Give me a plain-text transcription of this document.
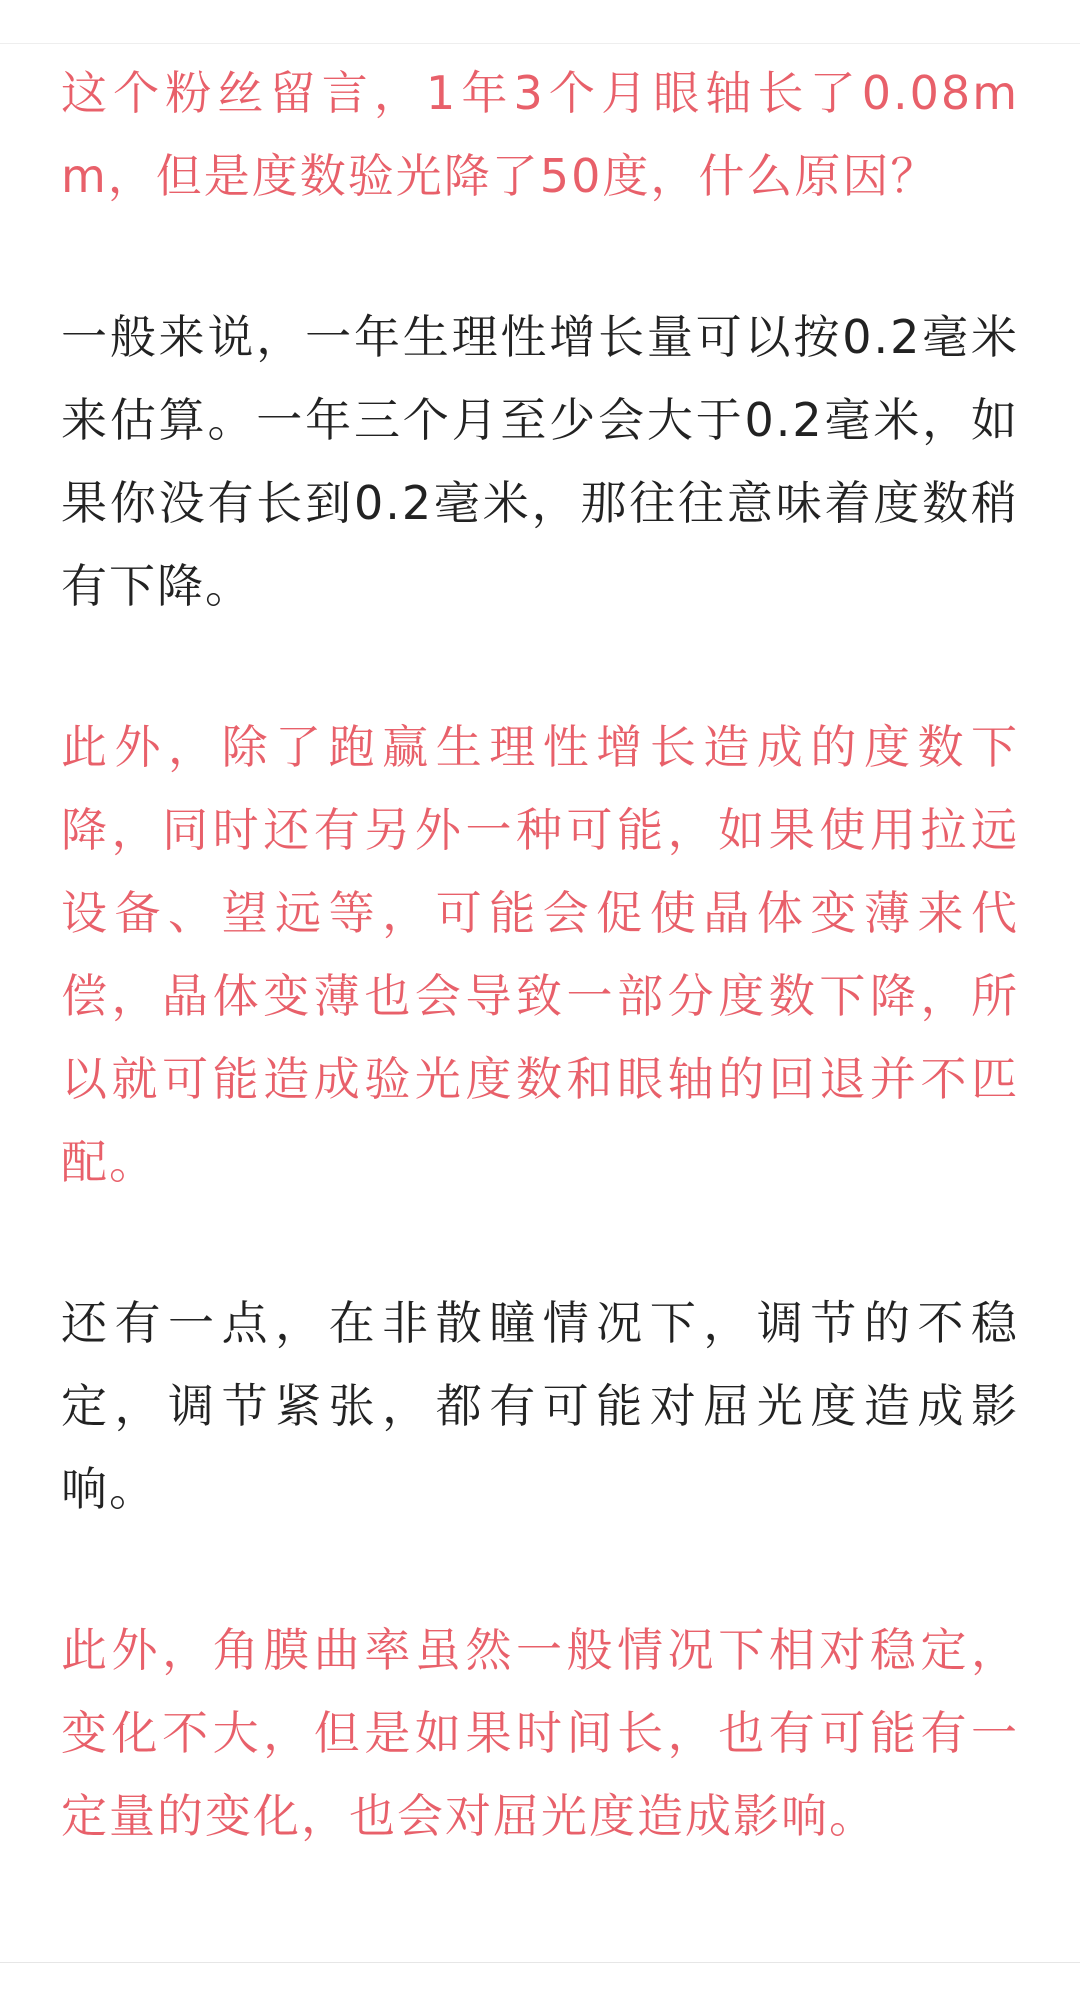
这个粉丝留言，1年3个月眼轴长了0.08mm，但是度数验光降了50度，什么原因？

一般来说，一年生理性增长量可以按0.2毫米来估算。一年三个月至少会大于0.2毫米，如果你没有长到0.2毫米，那往往意味着度数稍有下降。

此外，除了跑赢生理性增长造成的度数下降，同时还有另外一种可能，如果使用拉远设备、望远等，可能会促使晶体变薄来代偿，晶体变薄也会导致一部分度数下降，所以就可能造成验光度数和眼轴的回退并不匹配。

还有一点，在非散瞳情况下，调节的不稳定，调节紧张，都有可能对屈光度造成影响。

此外，角膜曲率虽然一般情况下相对稳定，变化不大，但是如果时间长，也有可能有一定量的变化，也会对屈光度造成影响。
